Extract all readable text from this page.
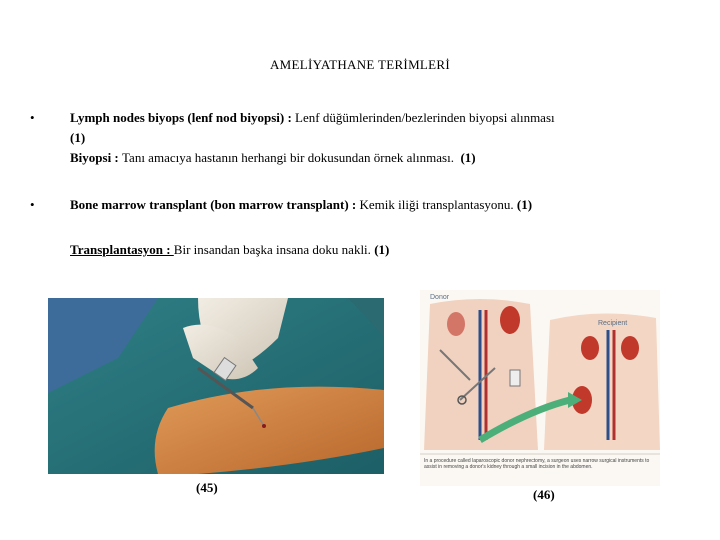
AMELİYATHANE TERİMLERİ
•	Lymph nodes biyops (lenf nod biyopsi) : Lenf düğümlerinden/bezlerinden biyopsi alınması
(1)
Biyopsi : Tanı amacıya hastanın herhangi bir dokusundan örnek alınması. (1)
•	Bone marrow transplant (bon marrow transplant) : Kemik iliği transplantasyonu. (1)
Transplantasyon : Bir insandan başka insana doku nakli. (1)
(45)
Donor
Recipient
In a procedure called laparoscopic donor nephrectomy, a surgeon uses narrow surgical instruments to assist in removing a donor's kidney through a small incision in the abdomen.
(46)
